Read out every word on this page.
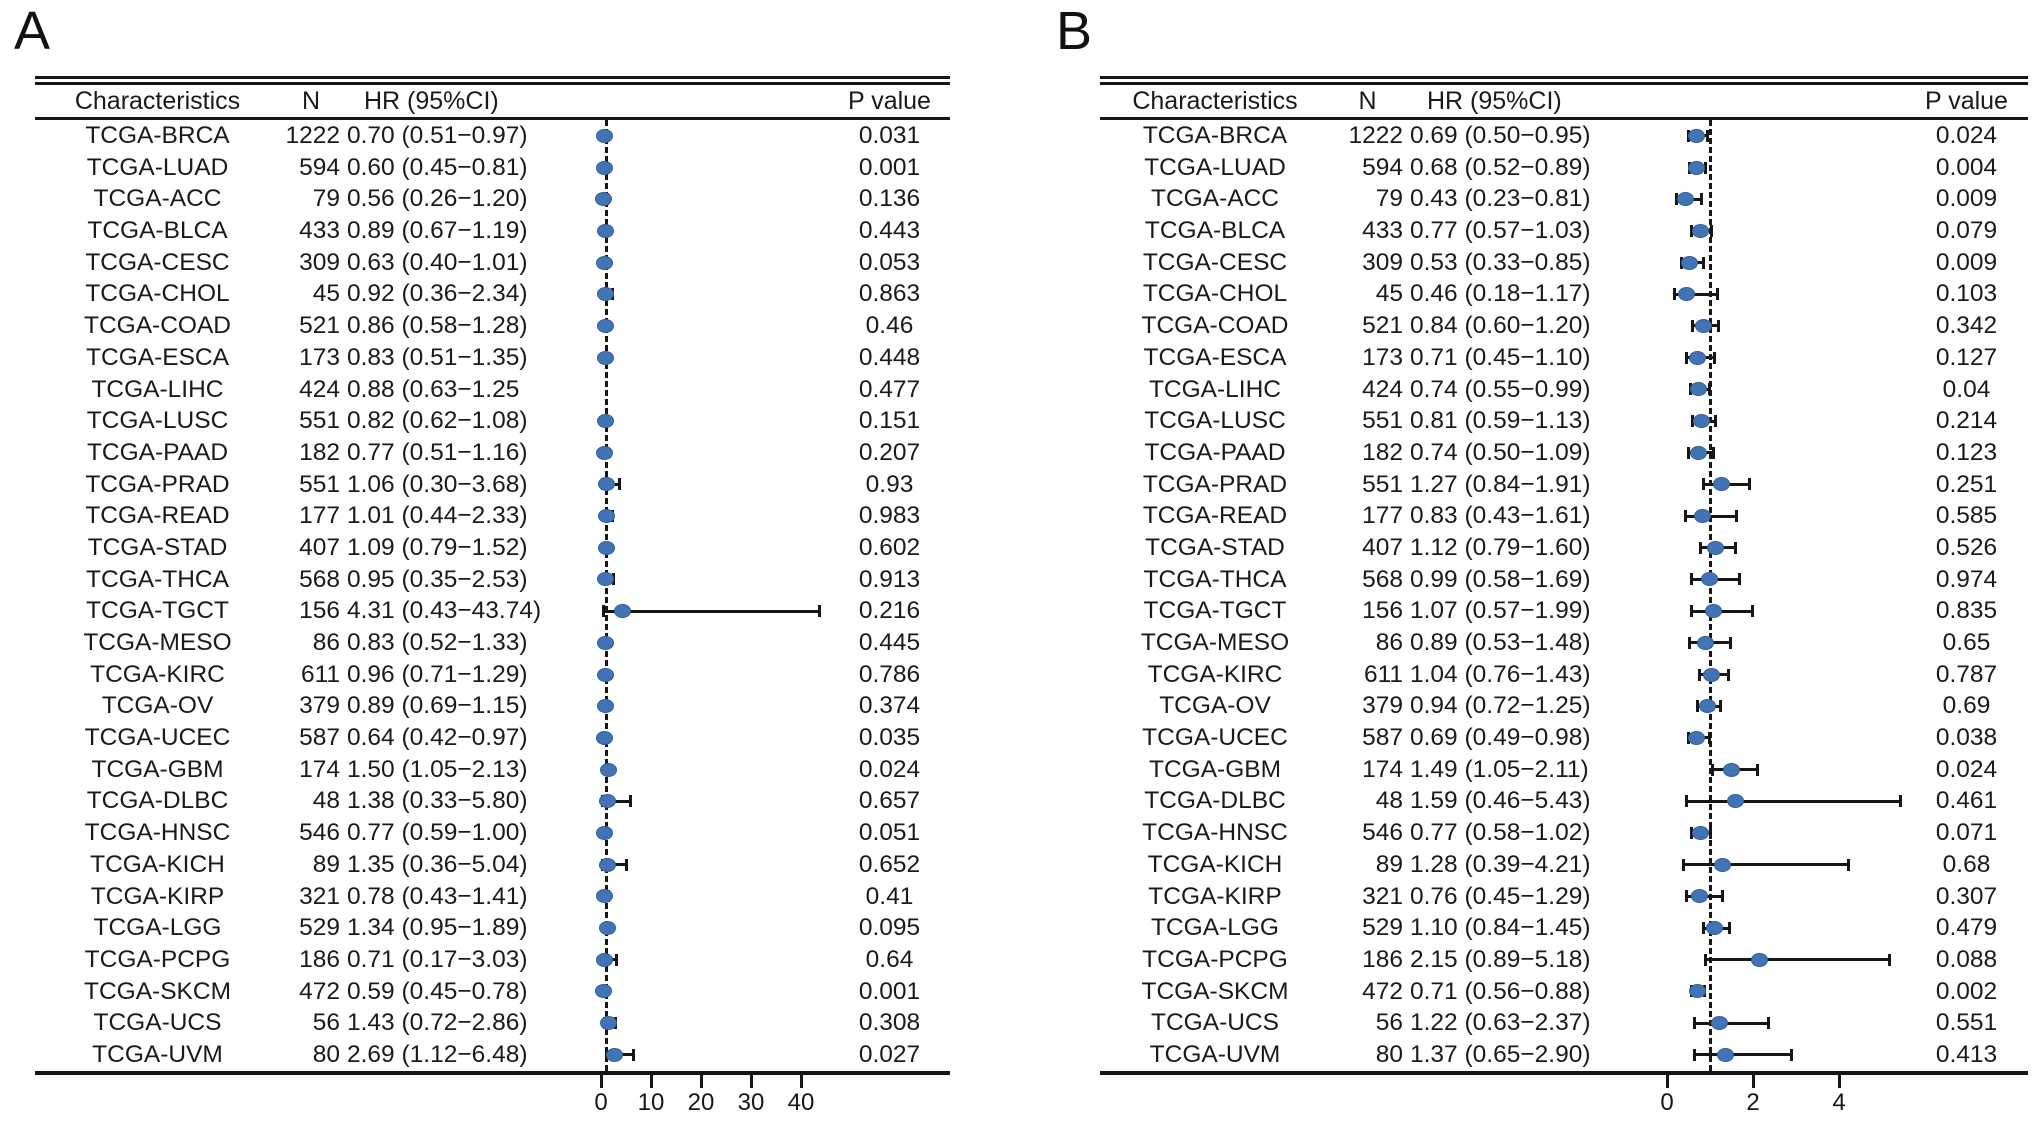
A
Characteristics	N	HR (95%CI)	P value
TCGA-BRCA	1222 0.70 (0.51−0.97)	0.031
TCGA-LUAD	594 0.60 (0.45−0.81)	0.001
TCGA-ACC	79 0.56 (0.26−1.20)	0.136
TCGA-BLCA	433 0.89 (0.67−1.19)	0.443
TCGA-CESC	309 0.63 (0.40−1.01)	0.053
TCGA-CHOL	45 0.92 (0.36−2.34)	0.863
TCGA-COAD	521 0.86 (0.58−1.28)	0.46
TCGA-ESCA	173 0.83 (0.51−1.35)	0.448
TCGA-LIHC	424 0.88 (0.63−1.25	0.477
TCGA-LUSC	551 0.82 (0.62−1.08)	0.151
TCGA-PAAD	182 0.77 (0.51−1.16)	0.207
TCGA-PRAD	551 1.06 (0.30−3.68)	0.93
TCGA-READ	177 1.01 (0.44−2.33)	0.983
TCGA-STAD	407 1.09 (0.79−1.52)	0.602
TCGA-THCA	568 0.95 (0.35−2.53)	0.913
TCGA-TGCT	156 4.31 (0.43−43.74)	0.216
TCGA-MESO	86 0.83 (0.52−1.33)	0.445
TCGA-KIRC	611 0.96 (0.71−1.29)	0.786
TCGA-OV	379 0.89 (0.69−1.15)	0.374
TCGA-UCEC	587 0.64 (0.42−0.97)	0.035
TCGA-GBM	174 1.50 (1.05−2.13)	0.024
TCGA-DLBC	48 1.38 (0.33−5.80)	0.657
TCGA-HNSC	546 0.77 (0.59−1.00)	0.051
TCGA-KICH	89 1.35 (0.36−5.04)	0.652
TCGA-KIRP	321 0.78 (0.43−1.41)	0.41
TCGA-LGG	529 1.34 (0.95−1.89)	0.095
TCGA-PCPG	186 0.71 (0.17−3.03)	0.64
TCGA-SKCM	472 0.59 (0.45−0.78)	0.001
TCGA-UCS	56 1.43 (0.72−2.86)	0.308
TCGA-UVM	80 2.69 (1.12−6.48)	0.027
0 10 20 30 40
B
Characteristics	N	HR (95%CI)	P value
TCGA-BRCA	1222 0.69 (0.50−0.95)	0.024
TCGA-LUAD	594 0.68 (0.52−0.89)	0.004
TCGA-ACC	79 0.43 (0.23−0.81)	0.009
TCGA-BLCA	433 0.77 (0.57−1.03)	0.079
TCGA-CESC	309 0.53 (0.33−0.85)	0.009
TCGA-CHOL	45 0.46 (0.18−1.17)	0.103
TCGA-COAD	521 0.84 (0.60−1.20)	0.342
TCGA-ESCA	173 0.71 (0.45−1.10)	0.127
TCGA-LIHC	424 0.74 (0.55−0.99)	0.04
TCGA-LUSC	551 0.81 (0.59−1.13)	0.214
TCGA-PAAD	182 0.74 (0.50−1.09)	0.123
TCGA-PRAD	551 1.27 (0.84−1.91)	0.251
TCGA-READ	177 0.83 (0.43−1.61)	0.585
TCGA-STAD	407 1.12 (0.79−1.60)	0.526
TCGA-THCA	568 0.99 (0.58−1.69)	0.974
TCGA-TGCT	156 1.07 (0.57−1.99)	0.835
TCGA-MESO	86 0.89 (0.53−1.48)	0.65
TCGA-KIRC	611 1.04 (0.76−1.43)	0.787
TCGA-OV	379 0.94 (0.72−1.25)	0.69
TCGA-UCEC	587 0.69 (0.49−0.98)	0.038
TCGA-GBM	174 1.49 (1.05−2.11)	0.024
TCGA-DLBC	48 1.59 (0.46−5.43)	0.461
TCGA-HNSC	546 0.77 (0.58−1.02)	0.071
TCGA-KICH	89 1.28 (0.39−4.21)	0.68
TCGA-KIRP	321 0.76 (0.45−1.29)	0.307
TCGA-LGG	529 1.10 (0.84−1.45)	0.479
TCGA-PCPG	186 2.15 (0.89−5.18)	0.088
TCGA-SKCM	472 0.71 (0.56−0.88)	0.002
TCGA-UCS	56 1.22 (0.63−2.37)	0.551
TCGA-UVM	80 1.37 (0.65−2.90)	0.413
0	2	4
